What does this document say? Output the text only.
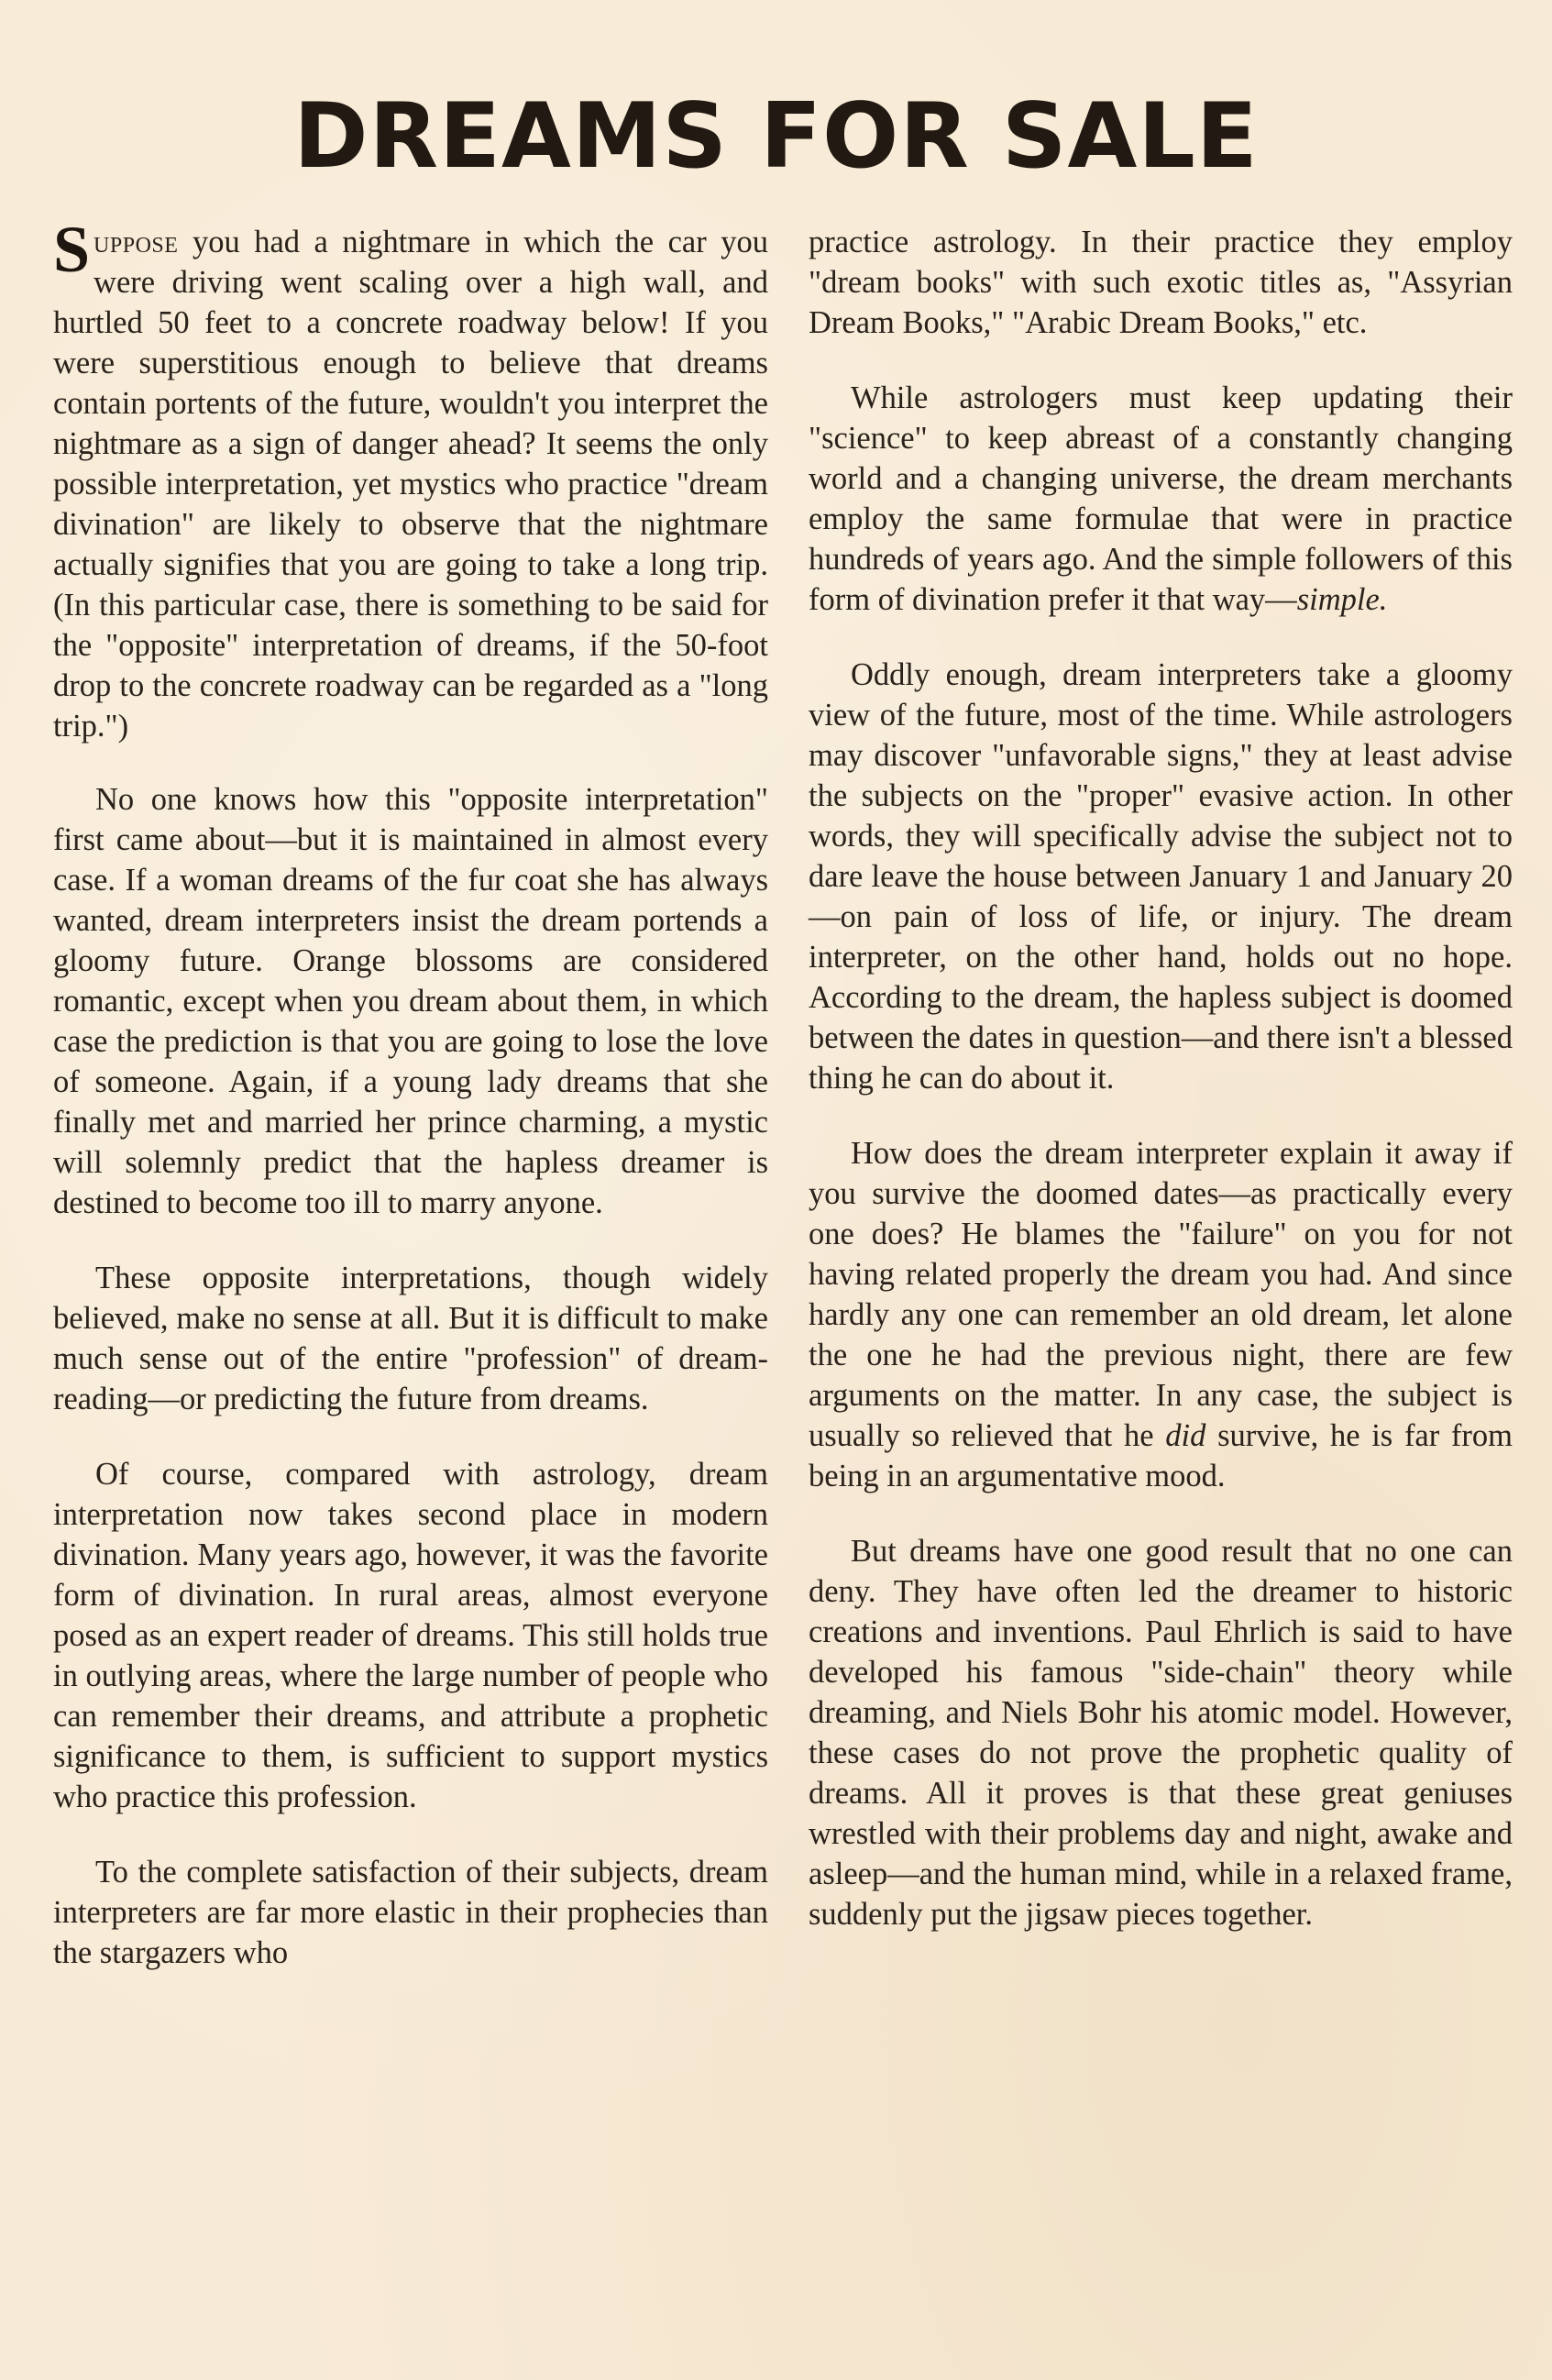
DREAMS FOR SALE

Suppose you had a nightmare in which the car you were driving went scaling over a high wall, and hurtled 50 feet to a concrete roadway below! If you were superstitious enough to believe that dreams contain portents of the future, wouldn't you interpret the nightmare as a sign of danger ahead? It seems the only possible interpretation, yet mystics who practice "dream divination" are likely to observe that the nightmare actually signifies that you are going to take a long trip. (In this particular case, there is something to be said for the "opposite" interpretation of dreams, if the 50-foot drop to the concrete roadway can be regarded as a "long trip.")

No one knows how this "opposite interpretation" first came about—but it is maintained in almost every case. If a woman dreams of the fur coat she has always wanted, dream interpreters insist the dream portends a gloomy future. Orange blossoms are considered romantic, except when you dream about them, in which case the prediction is that you are going to lose the love of someone. Again, if a young lady dreams that she finally met and married her prince charming, a mystic will solemnly predict that the hapless dreamer is destined to become too ill to marry anyone.

These opposite interpretations, though widely believed, make no sense at all. But it is difficult to make much sense out of the entire "profession" of dream-reading—or predicting the future from dreams.

Of course, compared with astrology, dream interpretation now takes second place in modern divination. Many years ago, however, it was the favorite form of divination. In rural areas, almost everyone posed as an expert reader of dreams. This still holds true in outlying areas, where the large number of people who can remember their dreams, and attribute a prophetic significance to them, is sufficient to support mystics who practice this profession.

To the complete satisfaction of their subjects, dream interpreters are far more elastic in their prophecies than the stargazers who

practice astrology. In their practice they employ "dream books" with such exotic titles as, "Assyrian Dream Books," "Arabic Dream Books," etc.

While astrologers must keep updating their "science" to keep abreast of a constantly changing world and a changing universe, the dream merchants employ the same formulae that were in practice hundreds of years ago. And the simple followers of this form of divination prefer it that way—simple.

Oddly enough, dream interpreters take a gloomy view of the future, most of the time. While astrologers may discover "unfavorable signs," they at least advise the subjects on the "proper" evasive action. In other words, they will specifically advise the subject not to dare leave the house between January 1 and January 20—on pain of loss of life, or injury. The dream interpreter, on the other hand, holds out no hope. According to the dream, the hapless subject is doomed between the dates in question—and there isn't a blessed thing he can do about it.

How does the dream interpreter explain it away if you survive the doomed dates—as practically every one does? He blames the "failure" on you for not having related properly the dream you had. And since hardly any one can remember an old dream, let alone the one he had the previous night, there are few arguments on the matter. In any case, the subject is usually so relieved that he did survive, he is far from being in an argumentative mood.

But dreams have one good result that no one can deny. They have often led the dreamer to historic creations and inventions. Paul Ehrlich is said to have developed his famous "side-chain" theory while dreaming, and Niels Bohr his atomic model. However, these cases do not prove the prophetic quality of dreams. All it proves is that these great geniuses wrestled with their problems day and night, awake and asleep—and the human mind, while in a relaxed frame, suddenly put the jigsaw pieces together.
